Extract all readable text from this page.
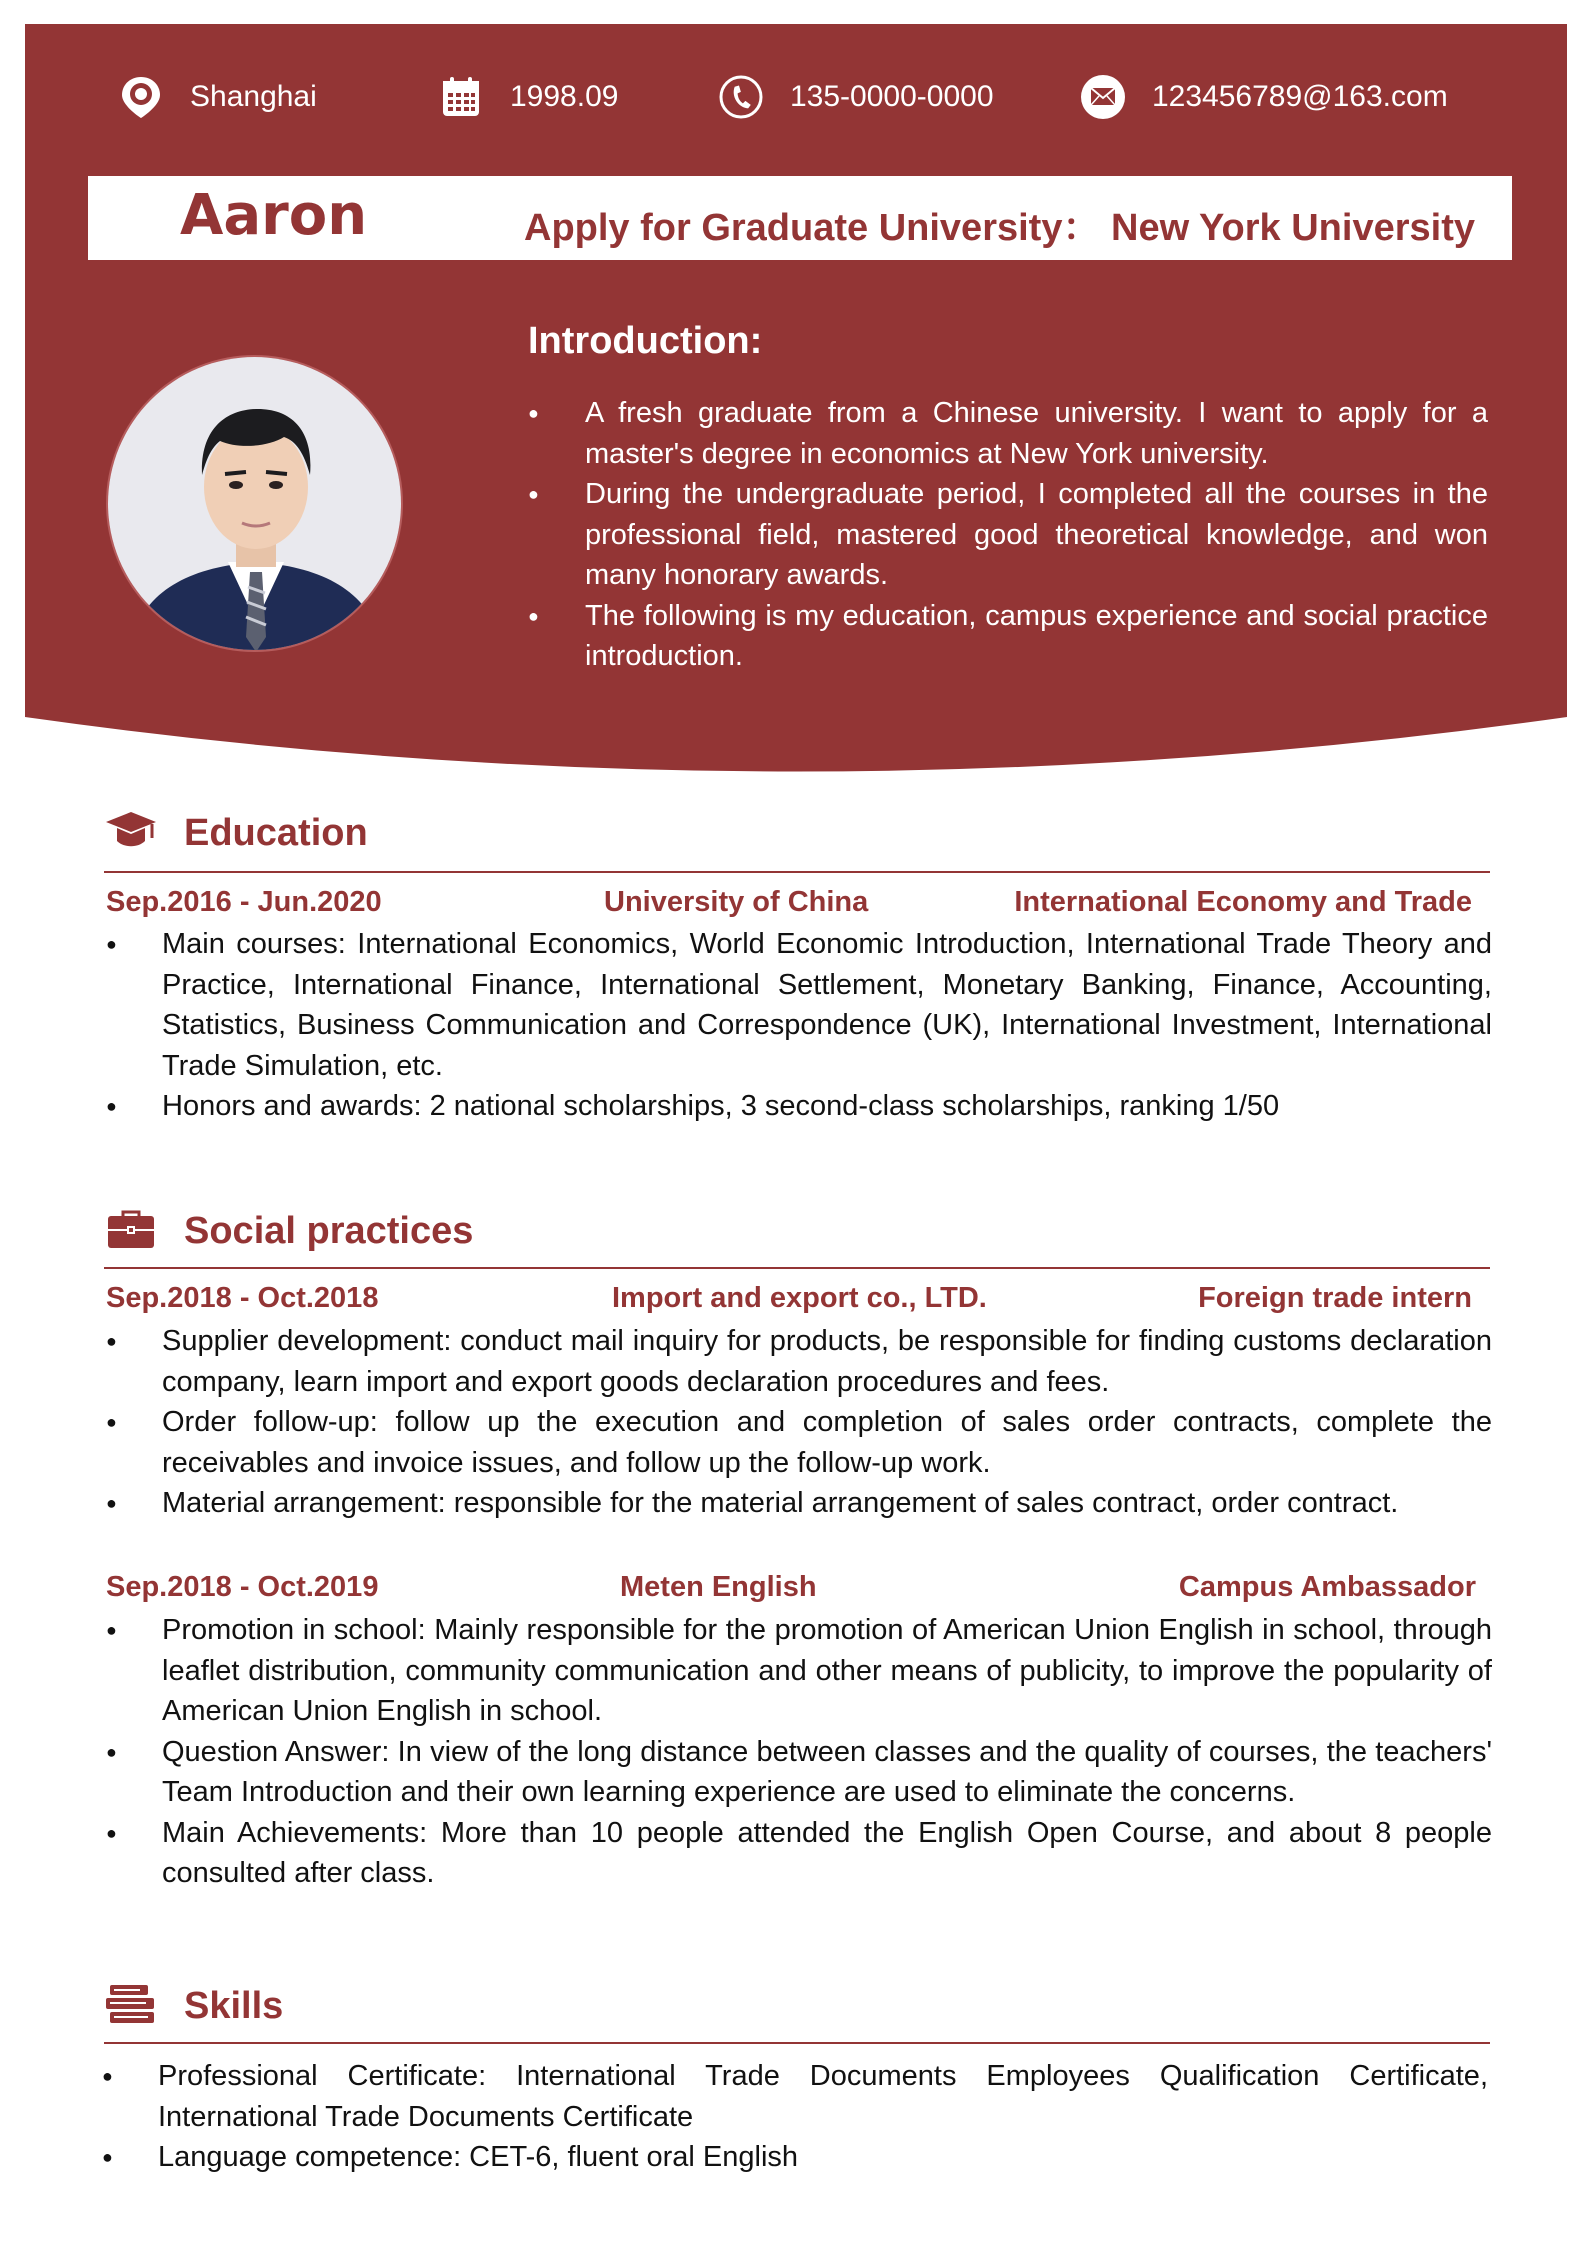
Shanghai	1998.09	135-0000-0000	123456789@163.com
Aaron	Apply for Graduate University： New York University
Introduction:
● A fresh graduate from a Chinese university. I want to apply for a master's degree in economics at New York university.
● During the undergraduate period, I completed all the courses in the professional field, mastered good theoretical knowledge, and won many honorary awards.
● The following is my education, campus experience and social practice introduction.
Education
Sep.2016 - Jun.2020	University of China	International Economy and Trade
● Main courses: International Economics, World Economic Introduction, International Trade Theory and Practice, International Finance, International Settlement, Monetary Banking, Finance, Accounting, Statistics, Business Communication and Correspondence (UK), International Investment, International Trade Simulation, etc.
● Honors and awards: 2 national scholarships, 3 second-class scholarships, ranking 1/50
Social practices
Sep.2018 - Oct.2018	Import and export co., LTD.	Foreign trade intern
● Supplier development: conduct mail inquiry for products, be responsible for finding customs declaration company, learn import and export goods declaration procedures and fees.
● Order follow-up: follow up the execution and completion of sales order contracts, complete the receivables and invoice issues, and follow up the follow-up work.
● Material arrangement: responsible for the material arrangement of sales contract, order contract.
Sep.2018 - Oct.2019	Meten English	Campus Ambassador
● Promotion in school: Mainly responsible for the promotion of American Union English in school, through leaflet distribution, community communication and other means of publicity, to improve the popularity of American Union English in school.
● Question Answer: In view of the long distance between classes and the quality of courses, the teachers' Team Introduction and their own learning experience are used to eliminate the concerns.
● Main Achievements: More than 10 people attended the English Open Course, and about 8 people consulted after class.
Skills
● Professional Certificate: International Trade Documents Employees Qualification Certificate, International Trade Documents Certificate
● Language competence: CET-6, fluent oral English
